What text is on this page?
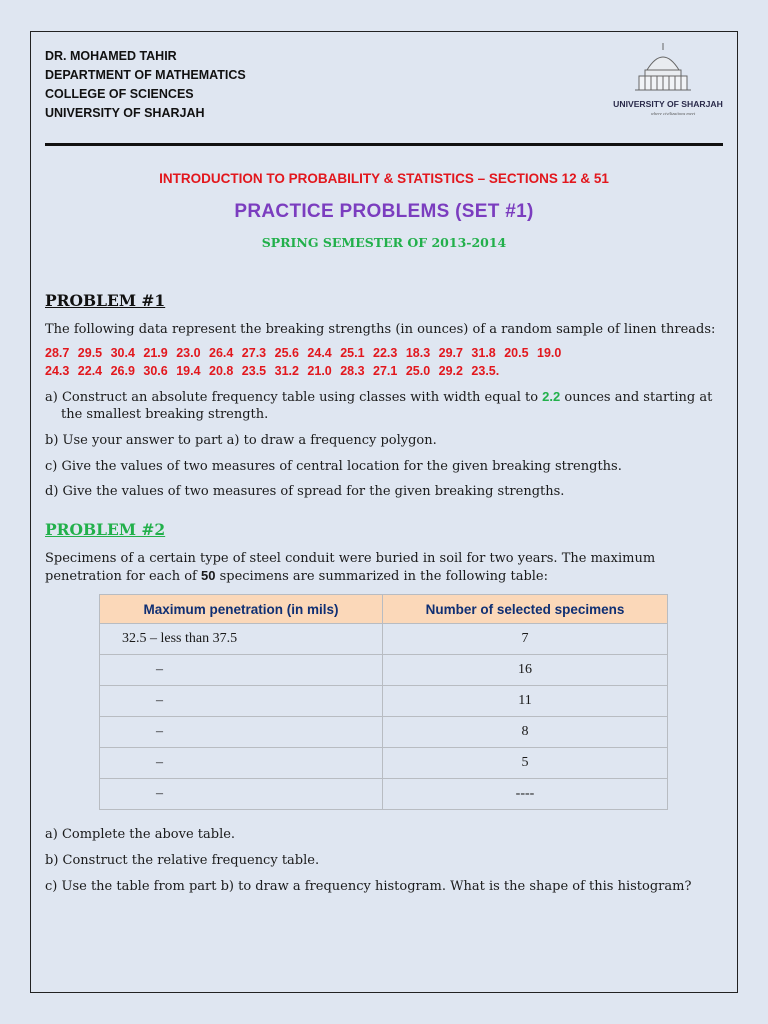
DR. MOHAMED TAHIR
DEPARTMENT OF MATHEMATICS
COLLEGE OF SCIENCES
UNIVERSITY OF SHARJAH
UNIVERSITY OF SHARJAH
where civilizations meet
INTRODUCTION TO PROBABILITY & STATISTICS – SECTIONS 12 & 51
PRACTICE PROBLEMS (SET #1)
SPRING SEMESTER OF 2013-2014
PROBLEM #1
The following data represent the breaking strengths (in ounces) of a random sample of linen threads:
28.7 29.5 30.4 21.9 23.0 26.4 27.3 25.6 24.4 25.1 22.3 18.3 29.7 31.8 20.5 19.0
24.3 22.4 26.9 30.6 19.4 20.8 23.5 31.2 21.0 28.3 27.1 25.0 29.2 23.5.
a) Construct an absolute frequency table using classes with width equal to 2.2 ounces and starting at
the smallest breaking strength.
b) Use your answer to part a) to draw a frequency polygon.
c) Give the values of two measures of central location for the given breaking strengths.
d) Give the values of two measures of spread for the given breaking strengths.
PROBLEM #2
Specimens of a certain type of steel conduit were buried in soil for two years. The maximum
penetration for each of 50 specimens are summarized in the following table:
Maximum penetration (in mils)	Number of selected specimens
32.5 – less than 37.5	7
–	16
–	11
–	8
–	5
–	----
a) Complete the above table.
b) Construct the relative frequency table.
c) Use the table from part b) to draw a frequency histogram. What is the shape of this histogram?
